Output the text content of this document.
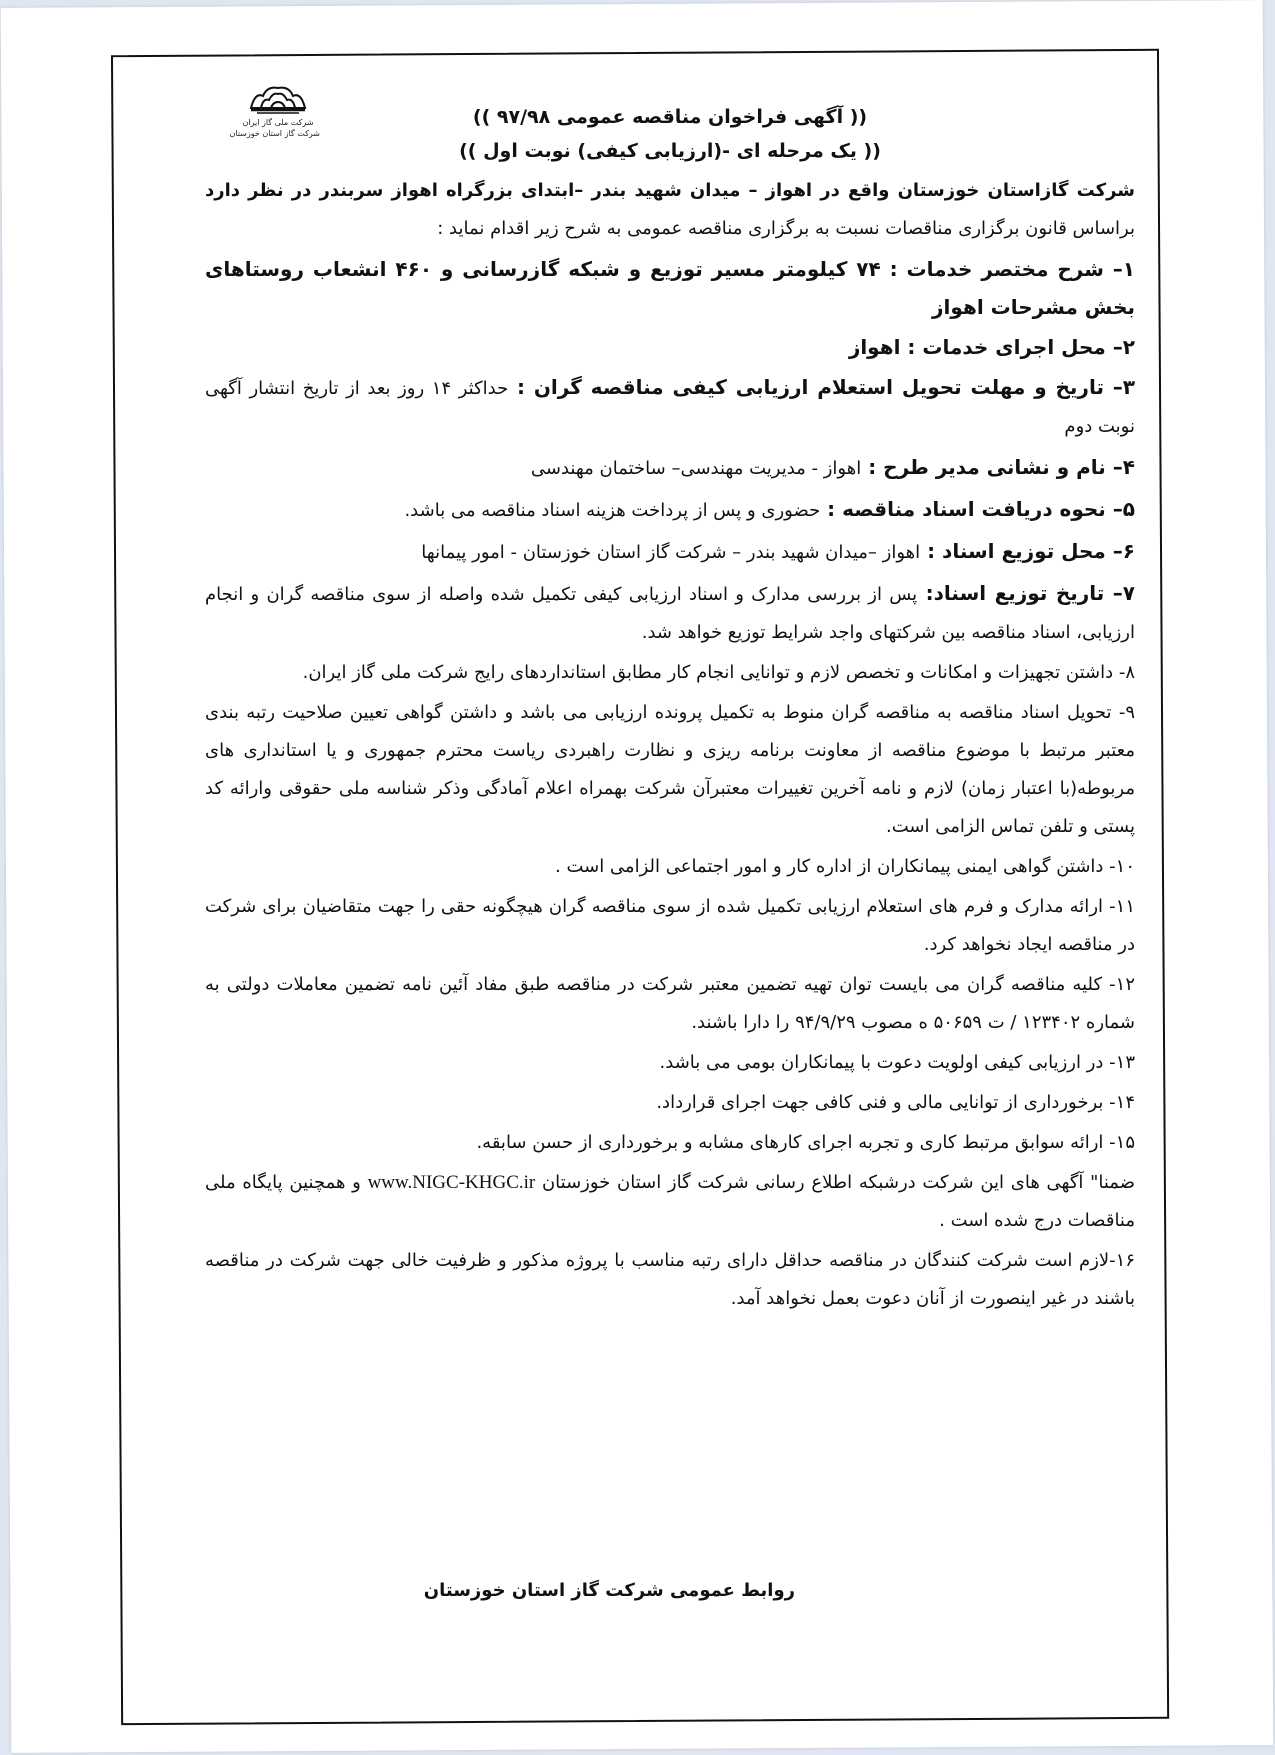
شرکت ملی گاز ایران
شرکت گاز استان خوزستان

(( آگهی فراخوان مناقصه عمومی ۹۷/۹۸ ))

(( یک مرحله ای -(ارزیابی کیفی) نوبت اول ))

شرکت گازاستان خوزستان واقع در اهواز – میدان شهید بندر –ابتدای بزرگراه اهواز سربندر در نظر دارد براساس قانون برگزاری مناقصات نسبت به برگزاری مناقصه عمومی به شرح زیر اقدام نماید :

۱– شرح مختصر خدمات : ۷۴ کیلومتر مسیر توزیع و شبکه گازرسانی و ۴۶۰ انشعاب روستاهای بخش مشرحات اهواز

۲– محل اجرای خدمات : اهواز

۳– تاریخ و مهلت تحویل استعلام ارزیابی کیفی مناقصه گران : حداکثر ۱۴ روز بعد از تاریخ انتشار آگهی نوبت دوم

۴– نام و نشانی مدیر طرح : اهواز - مدیریت مهندسی– ساختمان مهندسی

۵– نحوه دریافت اسناد مناقصه : حضوری و پس از پرداخت هزینه اسناد مناقصه می باشد.

۶– محل توزیع اسناد : اهواز –میدان شهید بندر – شرکت گاز استان خوزستان - امور پیمانها

۷– تاریخ توزیع اسناد: پس از بررسی مدارک و اسناد ارزیابی کیفی تکمیل شده واصله از سوی مناقصه گران و انجام ارزیابی، اسناد مناقصه بین شرکتهای واجد شرایط توزیع خواهد شد.

۸- داشتن تجهیزات و امکانات و تخصص لازم و توانایی انجام کار مطابق استانداردهای رایج شرکت ملی گاز ایران.

۹- تحویل اسناد مناقصه به مناقصه گران منوط به تکمیل پرونده ارزیابی می باشد و داشتن گواهی تعیین صلاحیت رتبه بندی معتبر مرتبط با موضوع مناقصه از معاونت برنامه ریزی و نظارت راهبردی ریاست محترم جمهوری و یا استانداری های مربوطه(با اعتبار زمان) لازم و نامه آخرین تغییرات معتبرآن شرکت بهمراه اعلام آمادگی وذکر شناسه ملی حقوقی وارائه کد پستی و تلفن تماس الزامی است.

۱۰- داشتن گواهی ایمنی پیمانکاران از اداره کار و امور اجتماعی الزامی است .

۱۱- ارائه مدارک و فرم های استعلام ارزیابی تکمیل شده از سوی مناقصه گران هیچگونه حقی را جهت متقاضیان برای شرکت در مناقصه ایجاد نخواهد کرد.

۱۲- کلیه مناقصه گران می بایست توان تهیه تضمین معتبر شرکت در مناقصه طبق مفاد آئین نامه تضمین معاملات دولتی به شماره ۱۲۳۴۰۲ / ت ۵۰۶۵۹ ه مصوب ۹۴/۹/۲۹ را دارا باشند.

۱۳- در ارزیابی کیفی اولویت دعوت با پیمانکاران بومی می باشد.

۱۴- برخورداری از توانایی مالی و فنی کافی جهت اجرای قرارداد.

۱۵- ارائه سوابق مرتبط کاری و تجربه اجرای کارهای مشابه و برخورداری از حسن سابقه.

ضمنا" آگهی های این شرکت درشبکه اطلاع رسانی شرکت گاز استان خوزستان www.NIGC-KHGC.ir و همچنین پایگاه ملی مناقصات درج شده است .

۱۶-لازم است شرکت کنندگان در مناقصه حداقل دارای رتبه مناسب با پروژه مذکور و ظرفیت خالی جهت شرکت در مناقصه باشند در غیر اینصورت از آنان دعوت بعمل نخواهد آمد.

روابط عمومی شرکت گاز استان خوزستان
